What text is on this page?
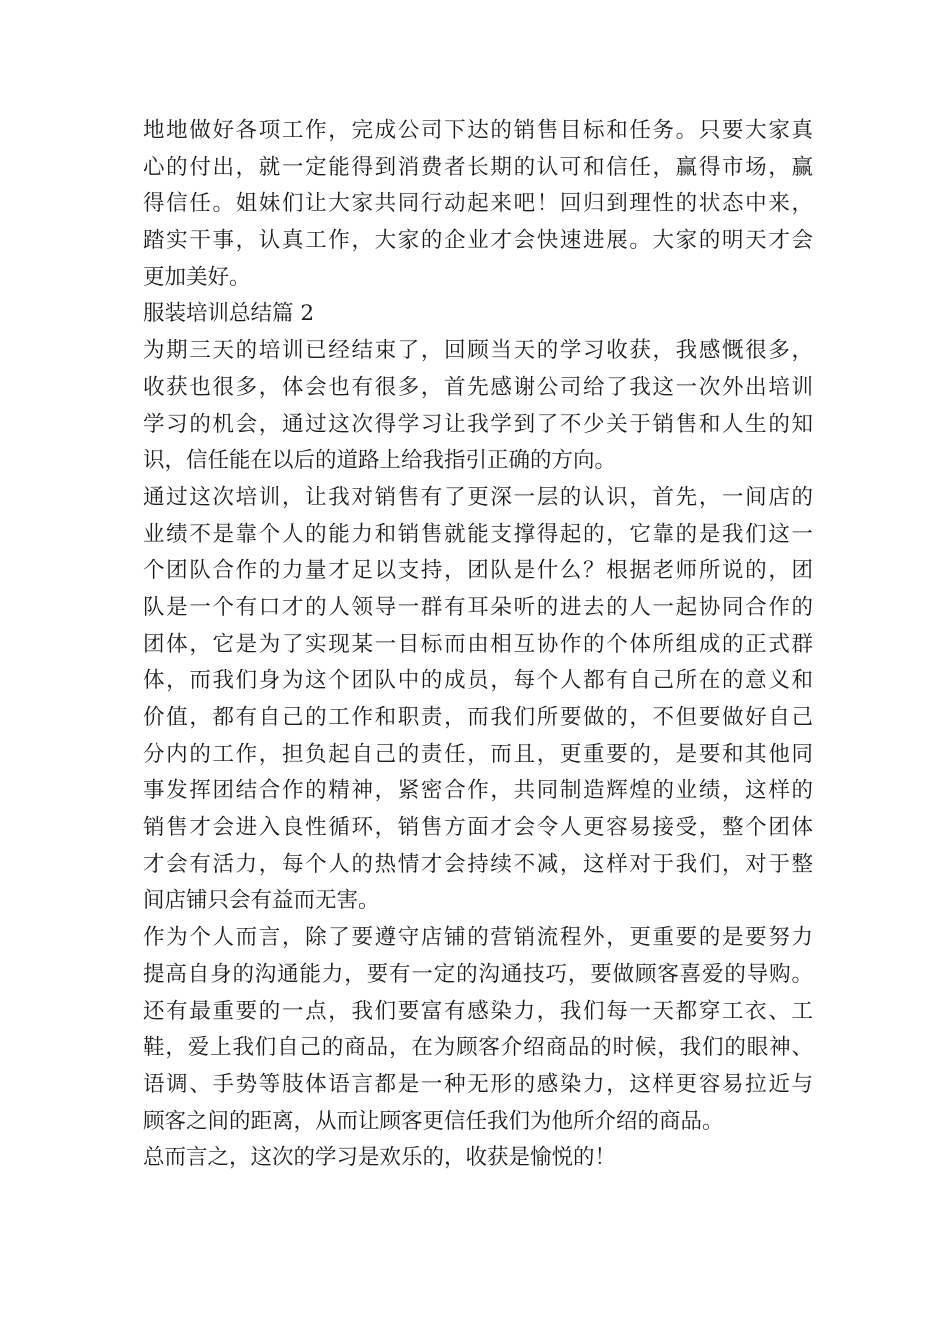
地地做好各项工作，完成公司下达的销售目标和任务。只要大家真
心的付出，就一定能得到消费者长期的认可和信任，赢得市场，赢
得信任。姐妹们让大家共同行动起来吧！回归到理性的状态中来，
踏实干事，认真工作，大家的企业才会快速进展。大家的明天才会
更加美好。
服装培训总结篇 2
为期三天的培训已经结束了，回顾当天的学习收获，我感慨很多，
收获也很多，体会也有很多，首先感谢公司给了我这一次外出培训
学习的机会，通过这次得学习让我学到了不少关于销售和人生的知
识，信任能在以后的道路上给我指引正确的方向。
通过这次培训，让我对销售有了更深一层的认识，首先，一间店的
业绩不是靠个人的能力和销售就能支撑得起的，它靠的是我们这一
个团队合作的力量才足以支持，团队是什么？根据老师所说的，团
队是一个有口才的人领导一群有耳朵听的进去的人一起协同合作的
团体，它是为了实现某一目标而由相互协作的个体所组成的正式群
体，而我们身为这个团队中的成员，每个人都有自己所在的意义和
价值，都有自己的工作和职责，而我们所要做的，不但要做好自己
分内的工作，担负起自己的责任，而且，更重要的，是要和其他同
事发挥团结合作的精神，紧密合作，共同制造辉煌的业绩，这样的
销售才会进入良性循环，销售方面才会令人更容易接受，整个团体
才会有活力，每个人的热情才会持续不减，这样对于我们，对于整
间店铺只会有益而无害。
作为个人而言，除了要遵守店铺的营销流程外，更重要的是要努力
提高自身的沟通能力，要有一定的沟通技巧，要做顾客喜爱的导购。
还有最重要的一点，我们要富有感染力，我们每一天都穿工衣、工
鞋，爱上我们自己的商品，在为顾客介绍商品的时候，我们的眼神、
语调、手势等肢体语言都是一种无形的感染力，这样更容易拉近与
顾客之间的距离，从而让顾客更信任我们为他所介绍的商品。
总而言之，这次的学习是欢乐的，收获是愉悦的！
